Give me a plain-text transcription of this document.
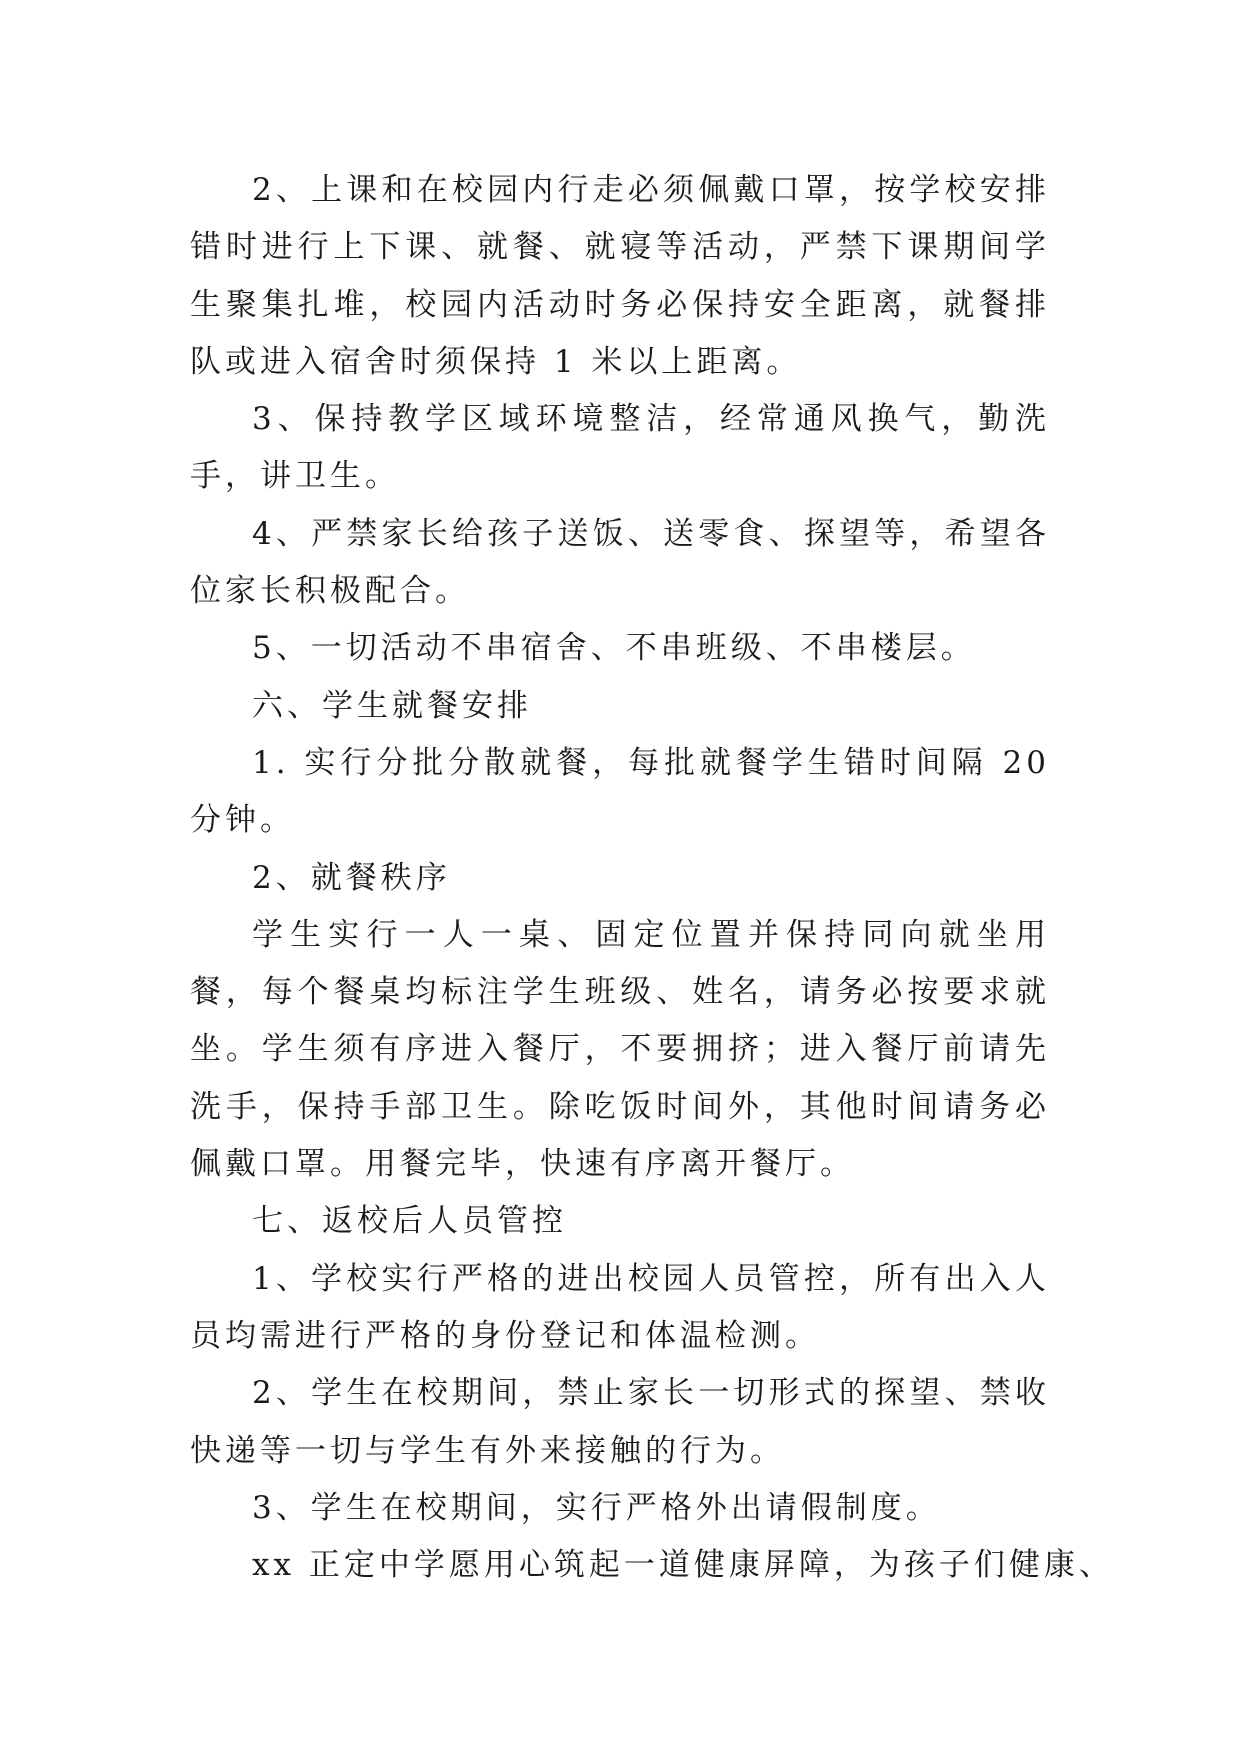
2、上课和在校园内行走必须佩戴口罩，按学校安排错时进行上下课、就餐、就寝等活动，严禁下课期间学生聚集扎堆，校园内活动时务必保持安全距离，就餐排队或进入宿舍时须保持 1 米以上距离。

3、保持教学区域环境整洁，经常通风换气，勤洗手，讲卫生。

4、严禁家长给孩子送饭、送零食、探望等，希望各位家长积极配合。

5、一切活动不串宿舍、不串班级、不串楼层。

六、学生就餐安排

1. 实行分批分散就餐，每批就餐学生错时间隔 20 分钟。

2、就餐秩序

学生实行一人一桌、固定位置并保持同向就坐用餐，每个餐桌均标注学生班级、姓名，请务必按要求就坐。学生须有序进入餐厅，不要拥挤；进入餐厅前请先洗手，保持手部卫生。除吃饭时间外，其他时间请务必佩戴口罩。用餐完毕，快速有序离开餐厅。

七、返校后人员管控

1、学校实行严格的进出校园人员管控，所有出入人员均需进行严格的身份登记和体温检测。

2、学生在校期间，禁止家长一切形式的探望、禁收快递等一切与学生有外来接触的行为。

3、学生在校期间，实行严格外出请假制度。

xx 正定中学愿用心筑起一道健康屏障，为孩子们健康、
